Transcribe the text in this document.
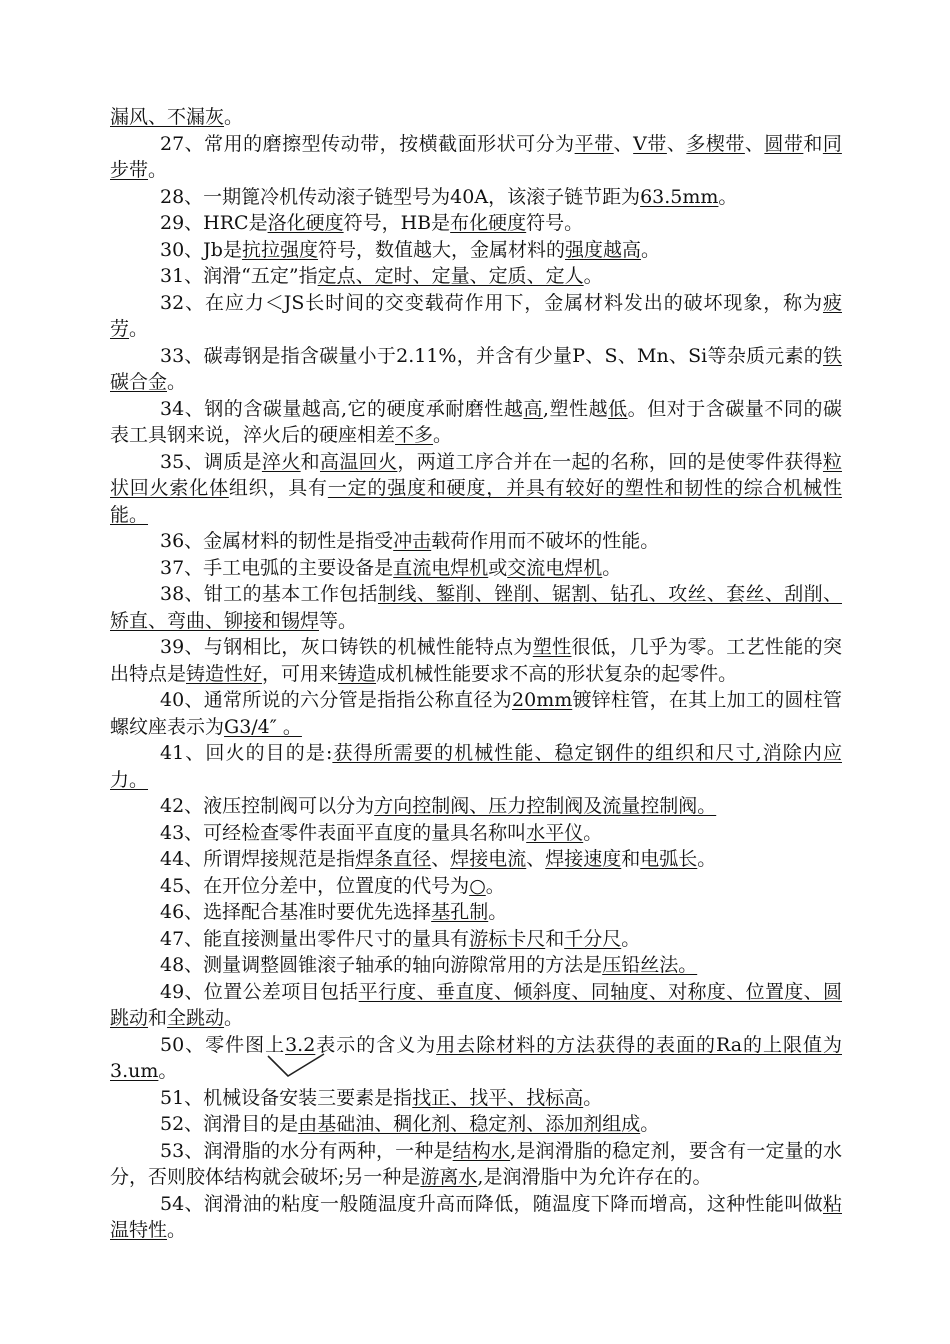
漏风、不漏灰。

27、常用的磨擦型传动带，按横截面形状可分为平带、V带、多楔带、圆带和同步带。

28、一期篦冷机传动滚子链型号为40A，该滚子链节距为63.5mm。

29、HRC是洛化硬度符号，HB是布化硬度符号。

30、Jb是抗拉强度符号，数值越大，金属材料的强度越高。

31、润滑“五定”指定点、定时、定量、定质、定人。

32、在应力＜JS长时间的交变载荷作用下，金属材料发出的破坏现象，称为疲劳。

33、碳毒钢是指含碳量小于2.11%，并含有少量P、S、Mn、Si等杂质元素的铁碳合金。

34、钢的含碳量越高,它的硬度承耐磨性越高,塑性越低。但对于含碳量不同的碳表工具钢来说，淬火后的硬座相差不多。

35、调质是淬火和高温回火，两道工序合并在一起的名称，回的是使零件获得粒状回火索化体组织，具有一定的强度和硬度，并具有较好的塑性和韧性的综合机械性能。

36、金属材料的韧性是指受冲击载荷作用而不破坏的性能。

37、手工电弧的主要设备是直流电焊机或交流电焊机。

38、钳工的基本工作包括制线、錾削、锉削、锯割、钻孔、攻丝、套丝、刮削、矫直、弯曲、铆接和锡焊等。

39、与钢相比，灰口铸铁的机械性能特点为塑性很低，几乎为零。工艺性能的突出特点是铸造性好，可用来铸造成机械性能要求不高的形状复杂的起零件。

40、通常所说的六分管是指指公称直径为20mm镀锌柱管，在其上加工的圆柱管螺纹座表示为G3/4″ 。

41、回火的目的是:获得所需要的机械性能、稳定钢件的组织和尺寸,消除内应力。

42、液压控制阀可以分为方向控制阀、压力控制阀及流量控制阀。

43、可经检查零件表面平直度的量具名称叫水平仪。

44、所谓焊接规范是指焊条直径、焊接电流、焊接速度和电弧长。

45、在开位分差中，位置度的代号为○。

46、选择配合基准时要优先选择基孔制。

47、能直接测量出零件尺寸的量具有游标卡尺和千分尺。

48、测量调整圆锥滚子轴承的轴向游隙常用的方法是压铅丝法。

49、位置公差项目包括平行度、垂直度、倾斜度、同轴度、对称度、位置度、圆跳动和全跳动。

50、零件图上3.2表示的含义为用去除材料的方法获得的表面的Ra的上限值为3.um。

51、机械设备安装三要素是指找正、找平、找标高。

52、润滑目的是由基础油、稠化剂、稳定剂、添加剂组成。

53、润滑脂的水分有两种，一种是结构水,是润滑脂的稳定剂，要含有一定量的水分，否则胶体结构就会破坏;另一种是游离水,是润滑脂中为允许存在的。

54、润滑油的粘度一般随温度升高而降低，随温度下降而增高，这种性能叫做粘温特性。
